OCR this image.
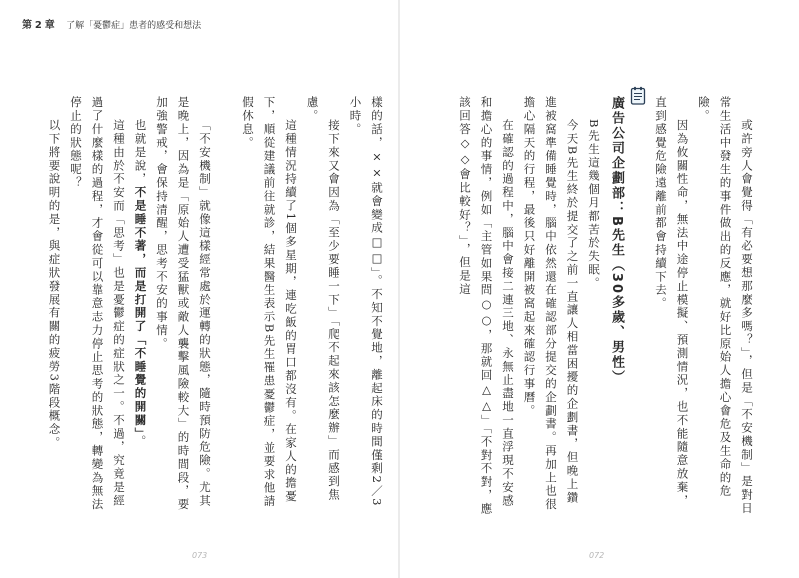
第 2 章 了解「憂鬱症」患者的感受和想法

樣的話，××就會變成□□」。不知不覺地，離起床的時間僅剩2／3小時。

接下來又會因為「至少要睡一下」「爬不起來該怎麼辦」而感到焦慮。

這種情況持續了1個多星期，連吃飯的胃口都沒有。在家人的擔憂下，順從建議前往就診，結果醫生表示B先生罹患憂鬱症，並要求他請假休息。

「不安機制」就像這樣經常處於運轉的狀態，隨時預防危險。尤其是晚上，因為是「原始人遭受猛獸或敵人襲擊風險較大」的時間段，要加強警戒，會保持清醒，思考不安的事情。

也就是說，不是睡不著，而是打開了「不睡覺的開關」。

這種由於不安而「思考」也是憂鬱症的症狀之一。不過，究竟是經過了什麼樣的過程，才會從可以靠意志力停止思考的狀態，轉變為無法停止的狀態呢？

以下將要說明的是，與症狀發展有關的疲勞3階段概念。

073

或許旁人會覺得「有必要想那麼多嗎？」，但是「不安機制」是對日常生活中發生的事件做出的反應，就好比原始人擔心會危及生命的危險。

因為攸關性命，無法中途停止模擬、預測情況，也不能隨意放棄，直到感覺危險遠離前都會持續下去。

廣告公司企劃部：B先生（30多歲、男性）

B先生這幾個月都苦於失眠。

今天B先生終於提交了之前一直讓人相當困擾的企劃書，但晚上鑽進被窩準備睡覺時，腦中依然還在確認部分提交的企劃書。再加上也很擔心隔天的行程，最後只好離開被窩起來確認行事曆。

在確認的過程中，腦中會接二連三地、永無止盡地一直浮現不安感和擔心的事情，例如「主管如果問○○，那就回△△」「不對不對，應該回答◇◇會比較好？」，但是這

072
